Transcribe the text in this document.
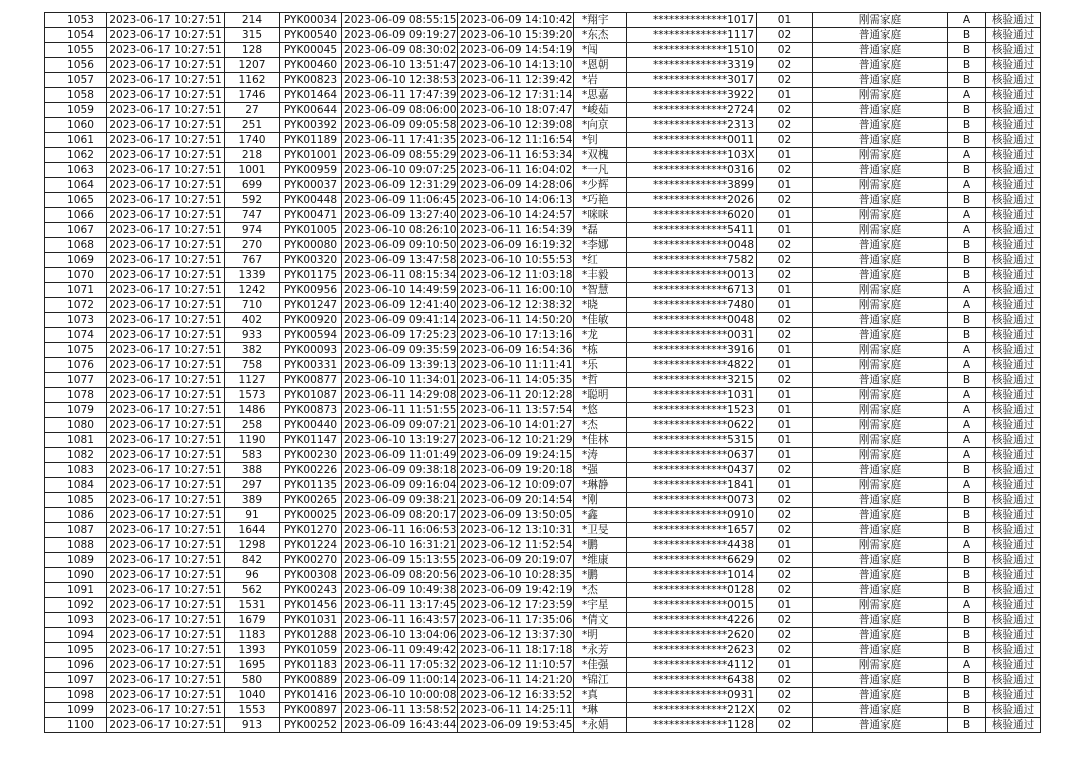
1053	2023-06-17 10:27:51	214	PYK00034	2023-06-09 08:55:15	2023-06-09 14:10:42	*翔宇	**************1017	01	刚需家庭	A	核验通过
1054	2023-06-17 10:27:51	315	PYK00540	2023-06-09 09:19:27	2023-06-10 15:39:20	*东杰	**************1117	02	普通家庭	B	核验通过
1055	2023-06-17 10:27:51	128	PYK00045	2023-06-09 08:30:02	2023-06-09 14:54:19	*闯	**************1510	02	普通家庭	B	核验通过
1056	2023-06-17 10:27:51	1207	PYK00460	2023-06-10 13:51:47	2023-06-10 14:13:10	*恩朝	**************3319	02	普通家庭	B	核验通过
1057	2023-06-17 10:27:51	1162	PYK00823	2023-06-10 12:38:53	2023-06-11 12:39:42	*岩	**************3017	02	普通家庭	B	核验通过
1058	2023-06-17 10:27:51	1746	PYK01464	2023-06-11 17:47:39	2023-06-12 17:31:14	*思嘉	**************3922	01	刚需家庭	A	核验通过
1059	2023-06-17 10:27:51	27	PYK00644	2023-06-09 08:06:00	2023-06-10 18:07:47	*峻茹	**************2724	02	普通家庭	B	核验通过
1060	2023-06-17 10:27:51	251	PYK00392	2023-06-09 09:05:58	2023-06-10 12:39:08	*向京	**************2313	02	普通家庭	B	核验通过
1061	2023-06-17 10:27:51	1740	PYK01189	2023-06-11 17:41:35	2023-06-12 11:16:54	*钊	**************0011	02	普通家庭	B	核验通过
1062	2023-06-17 10:27:51	218	PYK01001	2023-06-09 08:55:29	2023-06-11 16:53:34	*双槐	**************103X	01	刚需家庭	A	核验通过
1063	2023-06-17 10:27:51	1001	PYK00959	2023-06-10 09:07:25	2023-06-11 16:04:02	*一凡	**************0316	02	普通家庭	B	核验通过
1064	2023-06-17 10:27:51	699	PYK00037	2023-06-09 12:31:29	2023-06-09 14:28:06	*少辉	**************3899	01	刚需家庭	A	核验通过
1065	2023-06-17 10:27:51	592	PYK00448	2023-06-09 11:06:45	2023-06-10 14:06:13	*巧艳	**************2026	02	普通家庭	B	核验通过
1066	2023-06-17 10:27:51	747	PYK00471	2023-06-09 13:27:40	2023-06-10 14:24:57	*咪咪	**************6020	01	刚需家庭	A	核验通过
1067	2023-06-17 10:27:51	974	PYK01005	2023-06-10 08:26:10	2023-06-11 16:54:39	*磊	**************5411	01	刚需家庭	A	核验通过
1068	2023-06-17 10:27:51	270	PYK00080	2023-06-09 09:10:50	2023-06-09 16:19:32	*李娜	**************0048	02	普通家庭	B	核验通过
1069	2023-06-17 10:27:51	767	PYK00320	2023-06-09 13:47:58	2023-06-10 10:55:53	*红	**************7582	02	普通家庭	B	核验通过
1070	2023-06-17 10:27:51	1339	PYK01175	2023-06-11 08:15:34	2023-06-12 11:03:18	*丰毅	**************0013	02	普通家庭	B	核验通过
1071	2023-06-17 10:27:51	1242	PYK00956	2023-06-10 14:49:59	2023-06-11 16:00:10	*智慧	**************6713	01	刚需家庭	A	核验通过
1072	2023-06-17 10:27:51	710	PYK01247	2023-06-09 12:41:40	2023-06-12 12:38:32	*晓	**************7480	01	刚需家庭	A	核验通过
1073	2023-06-17 10:27:51	402	PYK00920	2023-06-09 09:41:14	2023-06-11 14:50:20	*佳敏	**************0048	02	普通家庭	B	核验通过
1074	2023-06-17 10:27:51	933	PYK00594	2023-06-09 17:25:23	2023-06-10 17:13:16	*龙	**************0031	02	普通家庭	B	核验通过
1075	2023-06-17 10:27:51	382	PYK00093	2023-06-09 09:35:59	2023-06-09 16:54:36	*栋	**************3916	01	刚需家庭	A	核验通过
1076	2023-06-17 10:27:51	758	PYK00331	2023-06-09 13:39:13	2023-06-10 11:11:41	*乐	**************4822	01	刚需家庭	A	核验通过
1077	2023-06-17 10:27:51	1127	PYK00877	2023-06-10 11:34:01	2023-06-11 14:05:35	*哲	**************3215	02	普通家庭	B	核验通过
1078	2023-06-17 10:27:51	1573	PYK01087	2023-06-11 14:29:08	2023-06-11 20:12:28	*聪明	**************1031	01	刚需家庭	A	核验通过
1079	2023-06-17 10:27:51	1486	PYK00873	2023-06-11 11:51:55	2023-06-11 13:57:54	*悠	**************1523	01	刚需家庭	A	核验通过
1080	2023-06-17 10:27:51	258	PYK00440	2023-06-09 09:07:21	2023-06-10 14:01:27	*杰	**************0622	01	刚需家庭	A	核验通过
1081	2023-06-17 10:27:51	1190	PYK01147	2023-06-10 13:19:27	2023-06-12 10:21:29	*佳林	**************5315	01	刚需家庭	A	核验通过
1082	2023-06-17 10:27:51	583	PYK00230	2023-06-09 11:01:49	2023-06-09 19:24:15	*涛	**************0637	01	刚需家庭	A	核验通过
1083	2023-06-17 10:27:51	388	PYK00226	2023-06-09 09:38:18	2023-06-09 19:20:18	*强	**************0437	02	普通家庭	B	核验通过
1084	2023-06-17 10:27:51	297	PYK01135	2023-06-09 09:16:04	2023-06-12 10:09:07	*琳静	**************1841	01	刚需家庭	A	核验通过
1085	2023-06-17 10:27:51	389	PYK00265	2023-06-09 09:38:21	2023-06-09 20:14:54	*刚	**************0073	02	普通家庭	B	核验通过
1086	2023-06-17 10:27:51	91	PYK00025	2023-06-09 08:20:17	2023-06-09 13:50:05	*鑫	**************0910	02	普通家庭	B	核验通过
1087	2023-06-17 10:27:51	1644	PYK01270	2023-06-11 16:06:53	2023-06-12 13:10:31	*卫旻	**************1657	02	普通家庭	B	核验通过
1088	2023-06-17 10:27:51	1298	PYK01224	2023-06-10 16:31:21	2023-06-12 11:52:54	*鹏	**************4438	01	刚需家庭	A	核验通过
1089	2023-06-17 10:27:51	842	PYK00270	2023-06-09 15:13:55	2023-06-09 20:19:07	*维康	**************6629	02	普通家庭	B	核验通过
1090	2023-06-17 10:27:51	96	PYK00308	2023-06-09 08:20:56	2023-06-10 10:28:35	*鹏	**************1014	02	普通家庭	B	核验通过
1091	2023-06-17 10:27:51	562	PYK00243	2023-06-09 10:49:38	2023-06-09 19:42:19	*杰	**************0128	02	普通家庭	B	核验通过
1092	2023-06-17 10:27:51	1531	PYK01456	2023-06-11 13:17:45	2023-06-12 17:23:59	*宇星	**************0015	01	刚需家庭	A	核验通过
1093	2023-06-17 10:27:51	1679	PYK01031	2023-06-11 16:43:57	2023-06-11 17:35:06	*倩文	**************4226	02	普通家庭	B	核验通过
1094	2023-06-17 10:27:51	1183	PYK01288	2023-06-10 13:04:06	2023-06-12 13:37:30	*明	**************2620	02	普通家庭	B	核验通过
1095	2023-06-17 10:27:51	1393	PYK01059	2023-06-11 09:49:42	2023-06-11 18:17:18	*永芳	**************2623	02	普通家庭	B	核验通过
1096	2023-06-17 10:27:51	1695	PYK01183	2023-06-11 17:05:32	2023-06-12 11:10:57	*佳强	**************4112	01	刚需家庭	A	核验通过
1097	2023-06-17 10:27:51	580	PYK00889	2023-06-09 11:00:14	2023-06-11 14:21:20	*锦江	**************6438	02	普通家庭	B	核验通过
1098	2023-06-17 10:27:51	1040	PYK01416	2023-06-10 10:00:08	2023-06-12 16:33:52	*真	**************0931	02	普通家庭	B	核验通过
1099	2023-06-17 10:27:51	1553	PYK00897	2023-06-11 13:58:52	2023-06-11 14:25:11	*琳	**************212X	02	普通家庭	B	核验通过
1100	2023-06-17 10:27:51	913	PYK00252	2023-06-09 16:43:44	2023-06-09 19:53:45	*永娟	**************1128	02	普通家庭	B	核验通过
